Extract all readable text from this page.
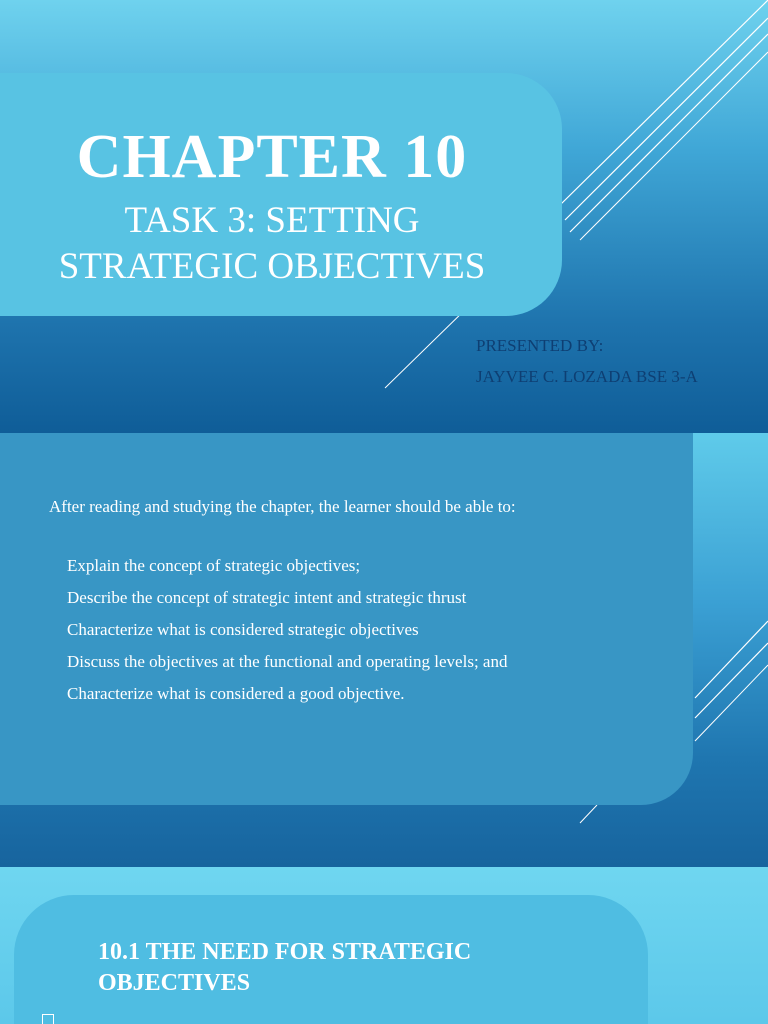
CHAPTER 10
TASK 3: SETTING
STRATEGIC OBJECTIVES
PRESENTED BY:
JAYVEE C. LOZADA BSE 3-A
After reading and studying the chapter, the learner should be able to:
Explain the concept of strategic objectives;
Describe the concept of strategic intent and strategic thrust
Characterize what is considered strategic objectives
Discuss the objectives at the functional and operating levels; and
Characterize what is considered a good objective.
10.1 THE NEED FOR STRATEGIC
OBJECTIVES
